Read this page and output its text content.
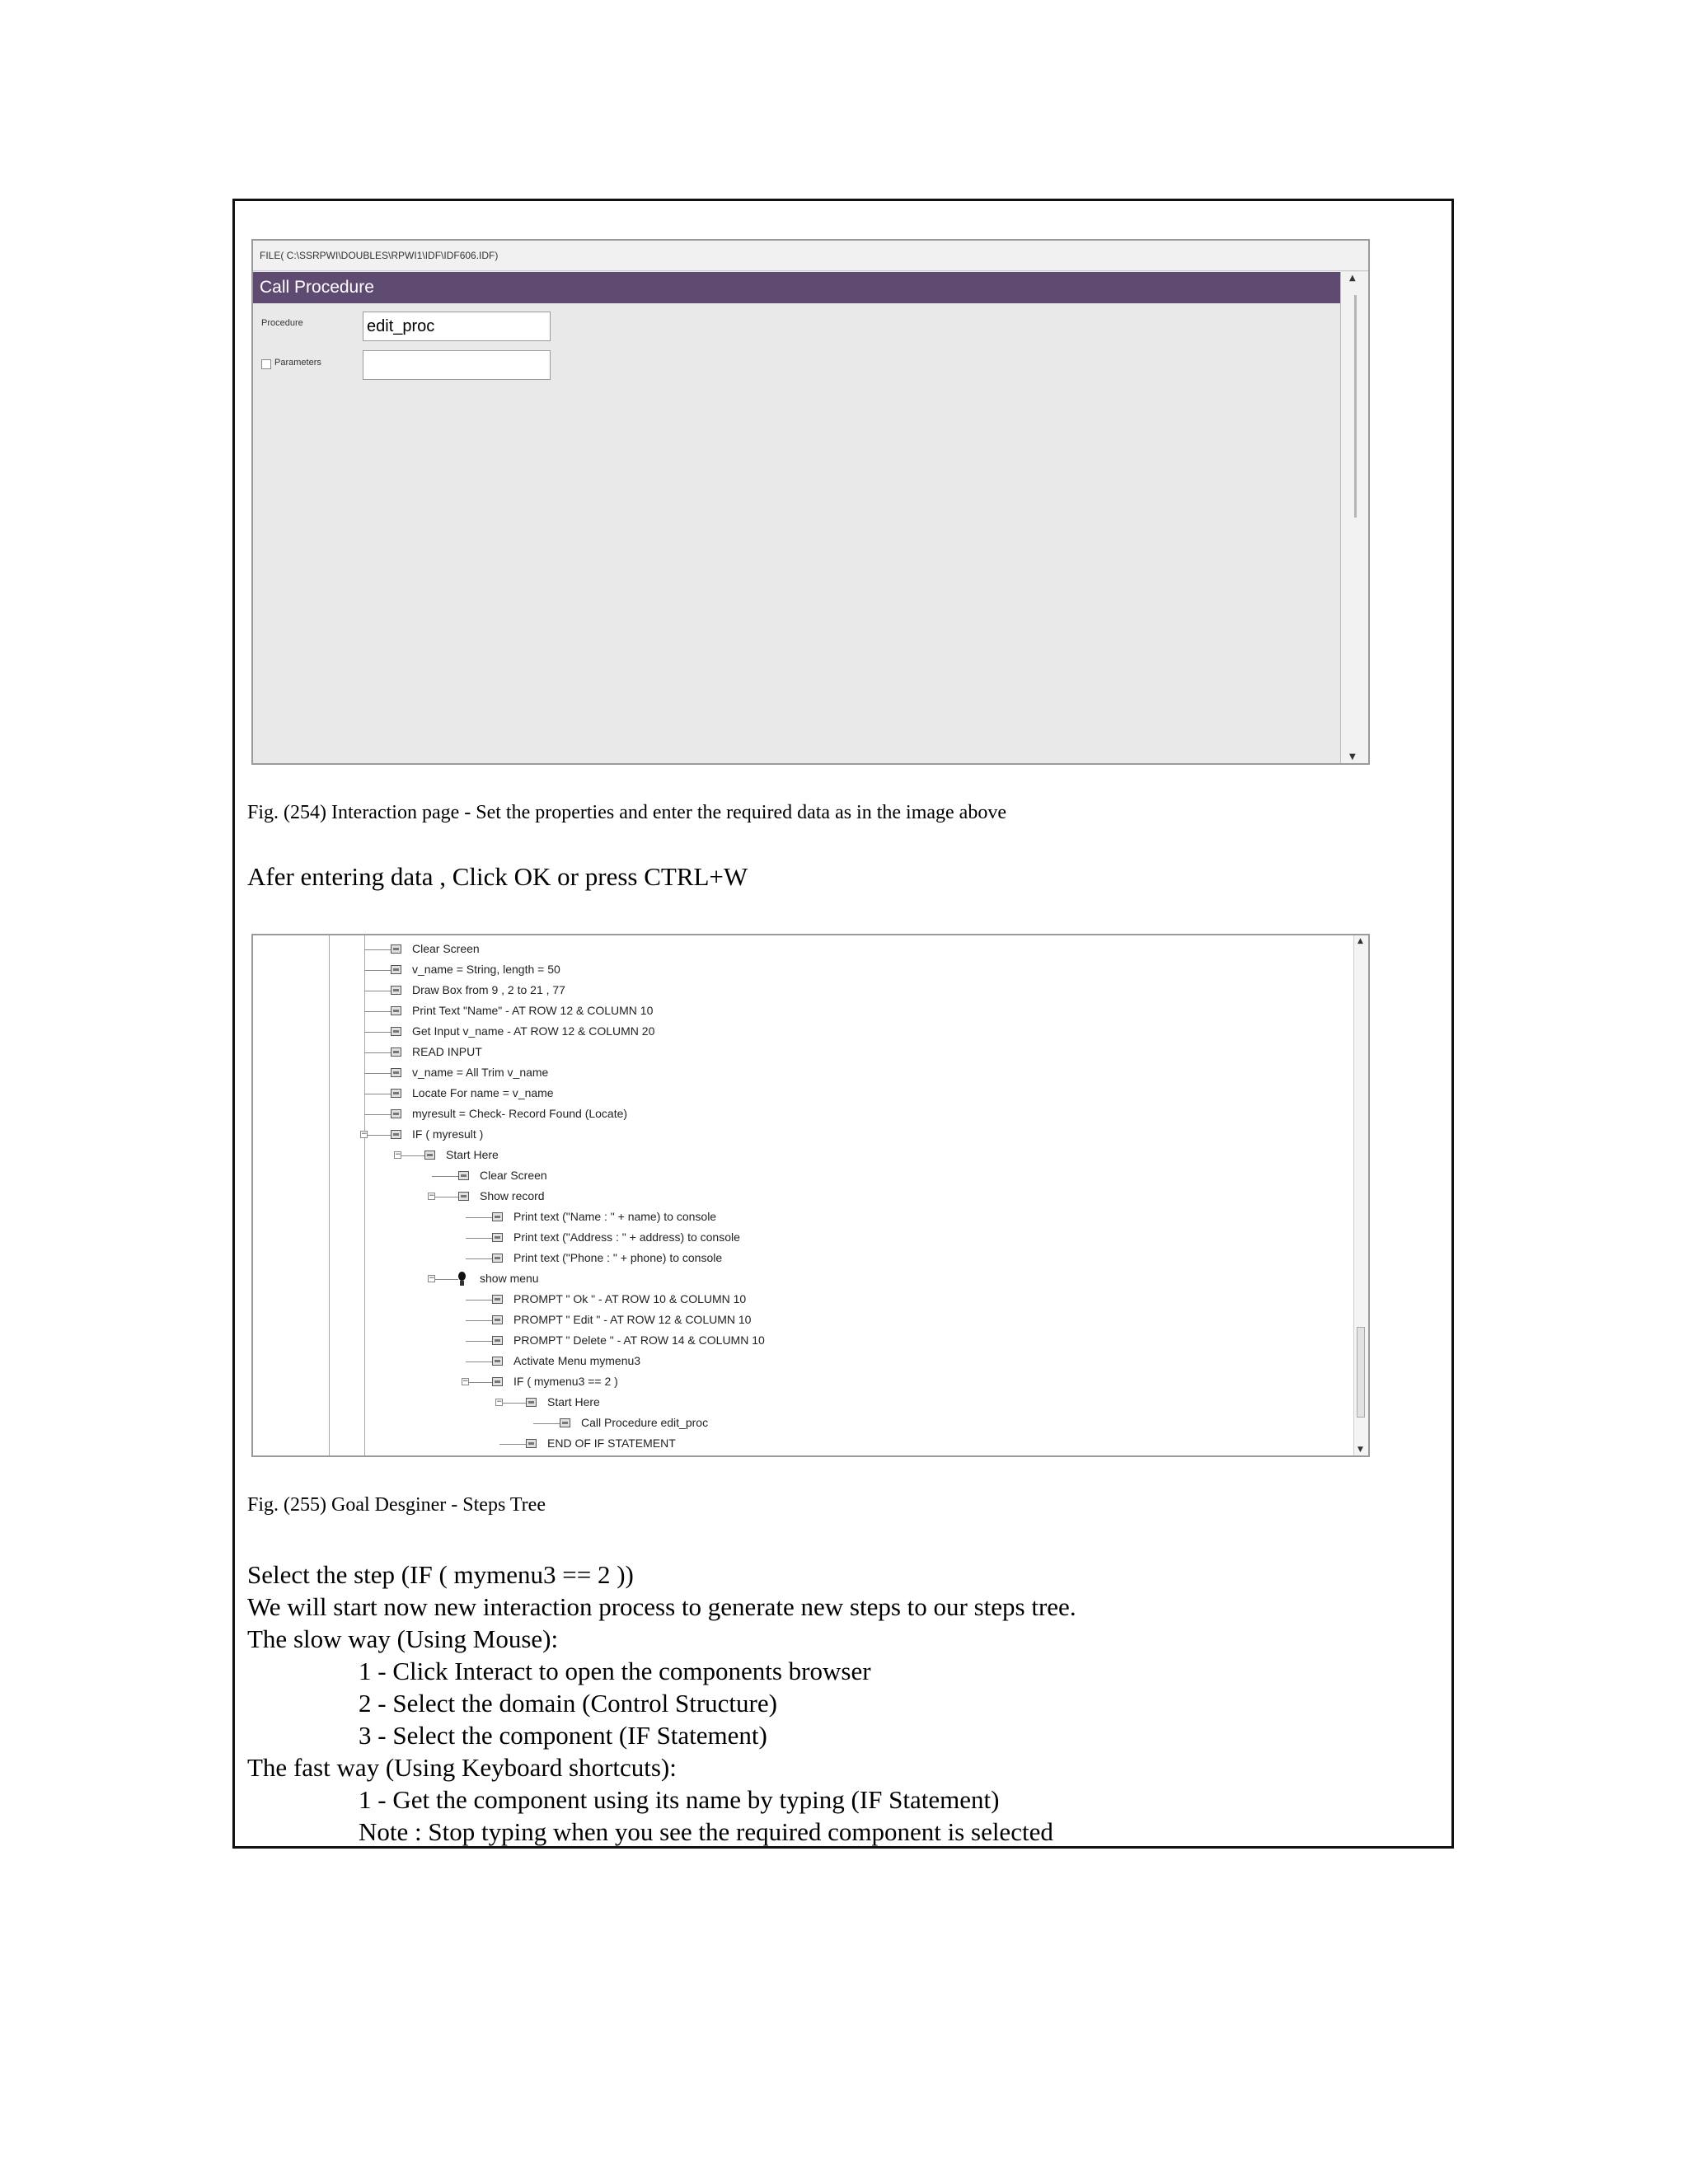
FILE( C:\SSRPWI\DOUBLES\RPWI1\IDF\IDF606.IDF)
Call Procedure
Procedure	edit_proc
Parameters
▲
▼
Fig. (254) Interaction page - Set the properties and enter the required data as in the image above
Afer entering data , Click OK or press CTRL+W
Clear Screen
v_name = String, length = 50
Draw Box from 9 , 2 to 21 , 77
Print Text "Name" - AT ROW 12 & COLUMN 10
Get Input v_name - AT ROW 12 & COLUMN 20
READ INPUT
v_name = All Trim v_name
Locate For name = v_name
myresult = Check- Record Found (Locate)
−	IF ( myresult )
−	Start Here
Clear Screen
−	Show record
Print text ("Name : " + name) to console
Print text ("Address : " + address) to console
Print text ("Phone : " + phone) to console
−	show menu
PROMPT " Ok " - AT ROW 10 & COLUMN 10
PROMPT " Edit " - AT ROW 12 & COLUMN 10
PROMPT " Delete " - AT ROW 14 & COLUMN 10
Activate Menu mymenu3
−	IF ( mymenu3 == 2 )
−	Start Here
Call Procedure edit_proc
END OF IF STATEMENT
▲
▼
Fig. (255) Goal Desginer - Steps Tree
Select the step (IF ( mymenu3 == 2 ))
We will start now new interaction process to generate new steps to our steps tree.
The slow way (Using Mouse):
1 - Click Interact to open the components browser
2 - Select the domain (Control Structure)
3 - Select the component (IF Statement)
The fast way (Using Keyboard shortcuts):
1 - Get the component using its name by typing (IF Statement)
Note : Stop typing when you see the required component is selected
